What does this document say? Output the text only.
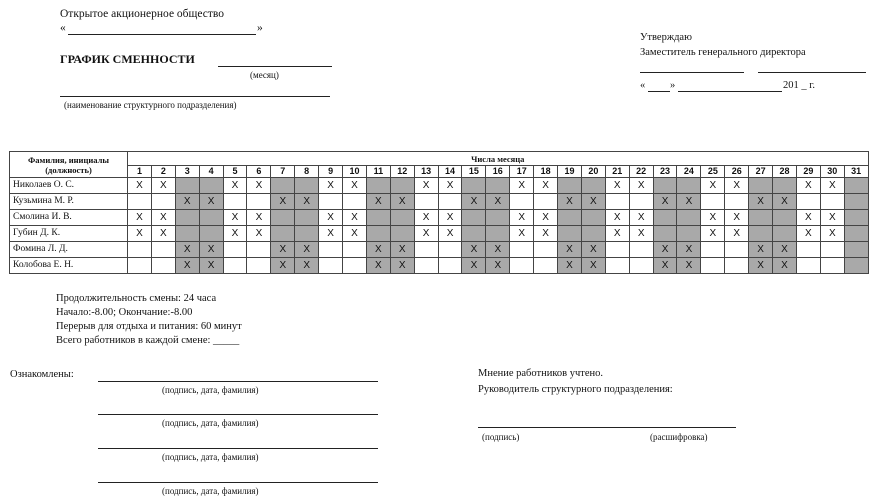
Открытое акционерное общество
«	»
ГРАФИК СМЕННОСТИ
(месяц)
(наименование структурного подразделения)
Утверждаю
Заместитель генерального директора
« »	201 _ г.
Фамилия, инициалы (должность)	Числа месяца																														
	1	2	3	4	5	6	7	8	9	10	11	12	13	14	15	16	17	18	19	20	21	22	23	24	25	26	27	28	29	30	31
Николаев О. С.	X	X			X	X			X	X			X	X			X	X			X	X			X	X			X	X	
Кузьмина М. Р.			X	X			X	X			X	X			X	X			X	X			X	X			X	X			
Смолина И. В.	X	X			X	X			X	X			X	X			X	X			X	X			X	X			X	X	
Губин Д. К.	X	X			X	X			X	X			X	X			X	X			X	X			X	X			X	X	
Фомина Л. Д.			X	X			X	X			X	X			X	X			X	X			X	X			X	X			
Колобова Е. Н.			X	X			X	X			X	X			X	X			X	X			X	X			X	X			
Продолжительность смены: 24 часа
Начало:-8.00; Окончание:-8.00
Перерыв для отдыха и питания: 60 минут
Всего работников в каждой смене: _____
Ознакомлены:
(подпись, дата, фамилия)
(подпись, дата, фамилия)
(подпись, дата, фамилия)
(подпись, дата, фамилия)
Мнение работников учтено.
Руководитель структурного подразделения:
(подпись)	(расшифровка)
